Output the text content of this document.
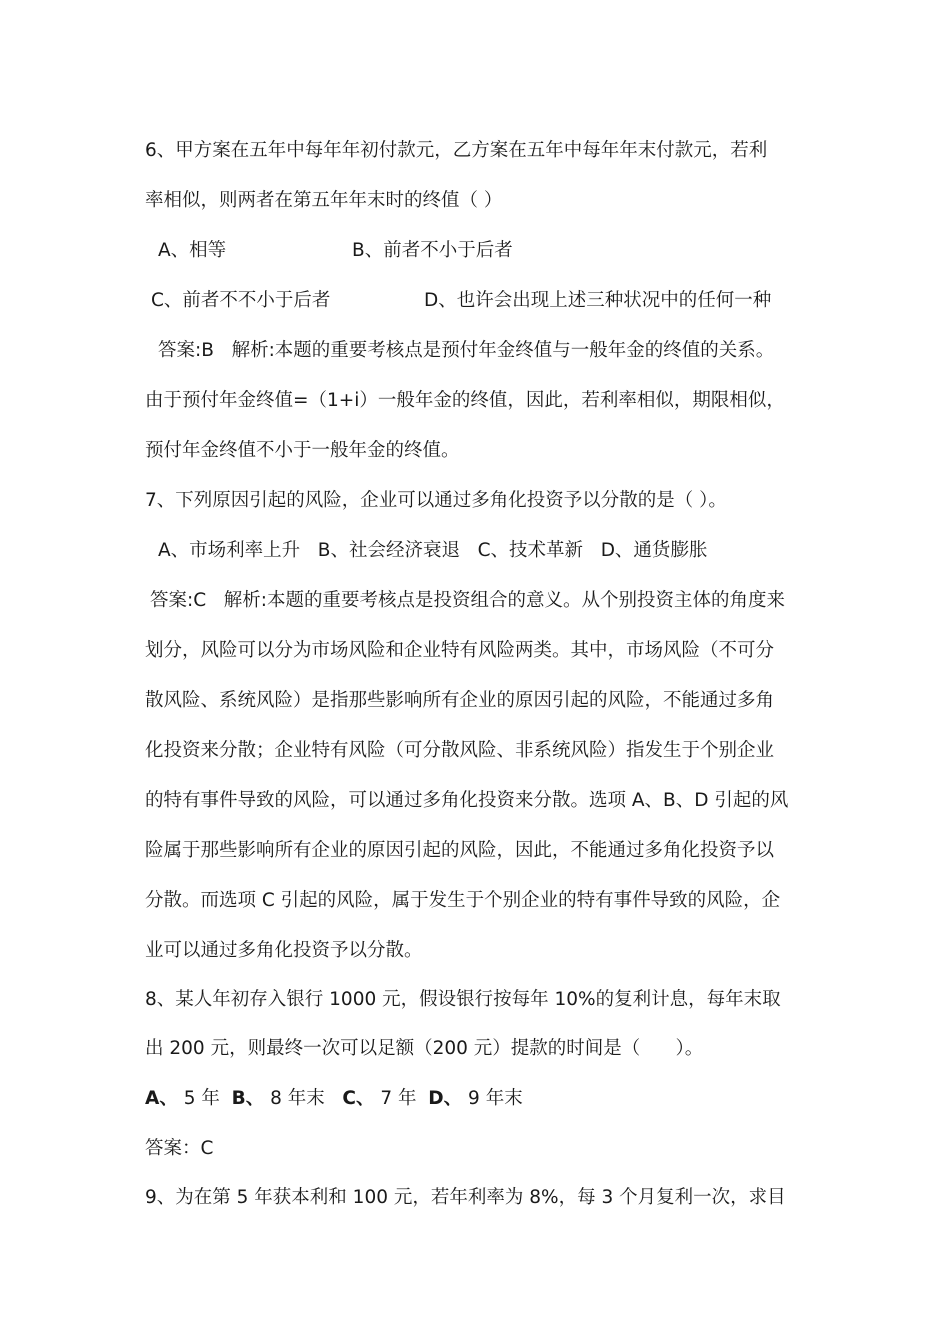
6、甲方案在五年中每年年初付款元，乙方案在五年中每年年末付款元，若利
率相似，则两者在第五年年末时的终值（ ）
A、相等	B、前者不小于后者
C、前者不不小于后者	D、也许会出现上述三种状况中的任何一种
答案:B   解析:本题的重要考核点是预付年金终值与一般年金的终值的关系。
由于预付年金终值=（1+i）一般年金的终值，因此，若利率相似，期限相似，
预付年金终值不小于一般年金的终值。
7、下列原因引起的风险，企业可以通过多角化投资予以分散的是（ ）。
A、市场利率上升   B、社会经济衰退   C、技术革新   D、通货膨胀
答案:C   解析:本题的重要考核点是投资组合的意义。从个别投资主体的角度来
划分，风险可以分为市场风险和企业特有风险两类。其中，市场风险（不可分
散风险、系统风险）是指那些影响所有企业的原因引起的风险，不能通过多角
化投资来分散；企业特有风险（可分散风险、非系统风险）指发生于个别企业
的特有事件导致的风险，可以通过多角化投资来分散。选项 A、B、D 引起的风
险属于那些影响所有企业的原因引起的风险，因此，不能通过多角化投资予以
分散。而选项 C 引起的风险，属于发生于个别企业的特有事件导致的风险，企
业可以通过多角化投资予以分散。
8、某人年初存入银行 1000 元，假设银行按每年 10%的复利计息，每年末取
出 200 元，则最终一次可以足额（200 元）提款的时间是（      ）。
A、 5 年  B、 8 年末   C、 7 年  D、 9 年末
答案：C
9、为在第 5 年获本利和 100 元，若年利率为 8%，每 3 个月复利一次，求目
